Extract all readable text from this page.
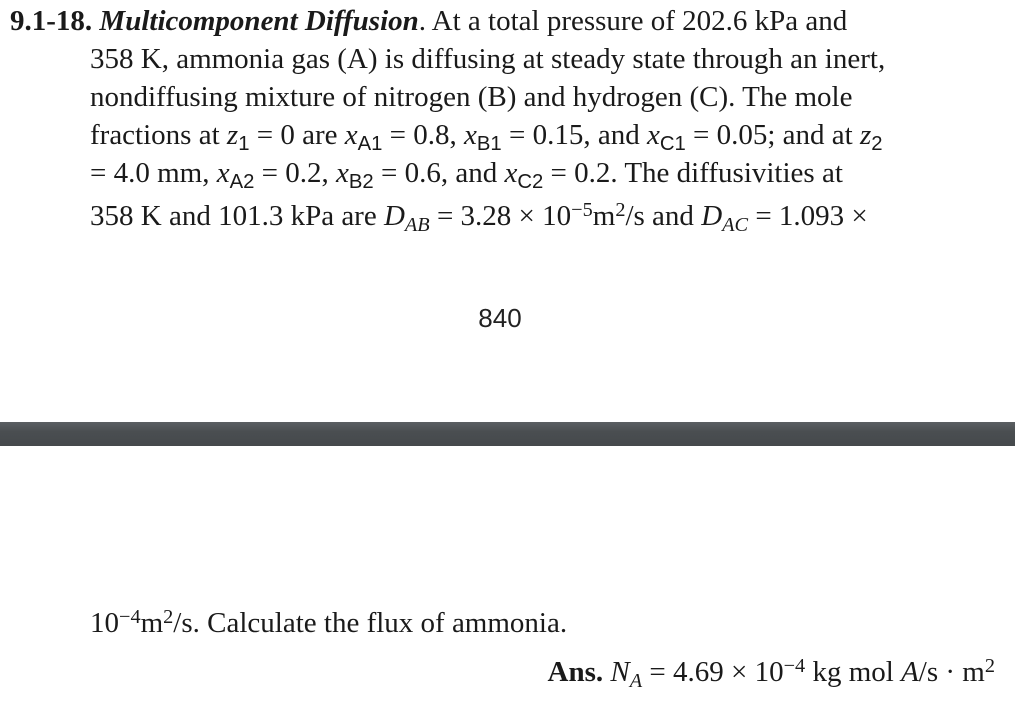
9.1-18. Multicomponent Diffusion. At a total pressure of 202.6 kPa and
358 K, ammonia gas (A) is diffusing at steady state through an inert,
nondiffusing mixture of nitrogen (B) and hydrogen (C). The mole
fractions at $z_1 = 0$ are $x_{A1} = 0.8$, $x_{B1} = 0.15$, and $x_{C1} = 0.05$; and at $z_2$
= 4.0 mm, $x_{A2} = 0.2$, $x_{B2} = 0.6$, and $x_{C2} = 0.2$. The diffusivities at
358 K and 101.3 kPa are $D_{AB} = 3.28 \times 10^{-5}m^2/s$ and $D_{AC} = 1.093$ ×
840
$10^{-4}m^2/s$. Calculate the flux of ammonia.
Ans. $N_A = 4.69 \times 10^{-4}$ kg mol $A/s \cdot m^2$
